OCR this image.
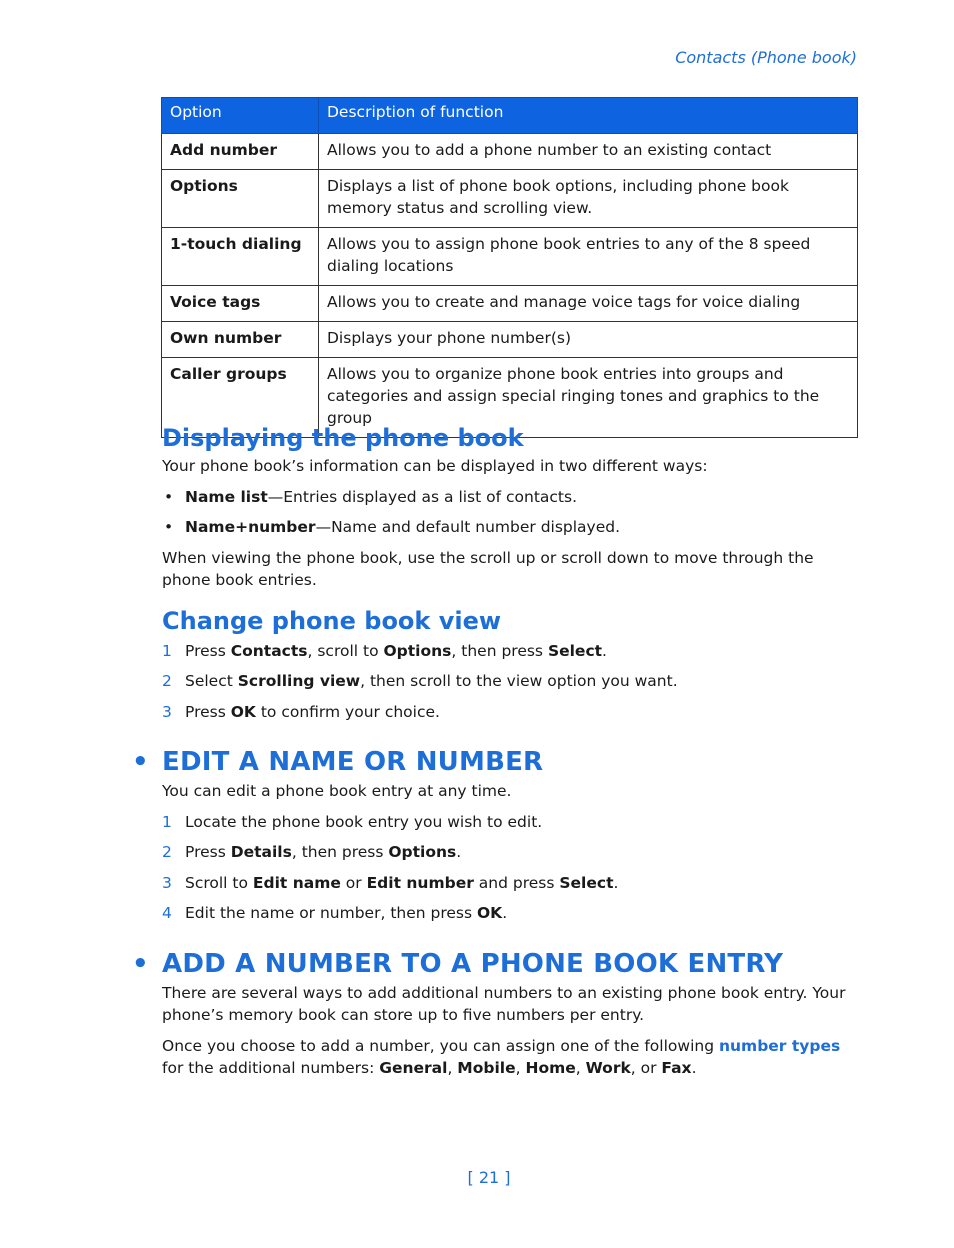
Contacts (Phone book)
Option	Description of function
Add number	Allows you to add a phone number to an existing contact
Options	Displays a list of phone book options, including phone book memory status and scrolling view.
1-touch dialing	Allows you to assign phone book entries to any of the 8 speed dialing locations
Voice tags	Allows you to create and manage voice tags for voice dialing
Own number	Displays your phone number(s)
Caller groups	Allows you to organize phone book entries into groups and categories and assign special ringing tones and graphics to the group
Displaying the phone book

Your phone book’s information can be displayed in two different ways:

• Name list—Entries displayed as a list of contacts.
• Name+number—Name and default number displayed.

When viewing the phone book, use the scroll up or scroll down to move through the phone book entries.

Change phone book view
1 Press Contacts, scroll to Options, then press Select.
2 Select Scrolling view, then scroll to the view option you want.
3 Press OK to confirm your choice.
• EDIT A NAME OR NUMBER

You can edit a phone book entry at any time.

1 Locate the phone book entry you wish to edit.
2 Press Details, then press Options.
3 Scroll to Edit name or Edit number and press Select.
4 Edit the name or number, then press OK.
• ADD A NUMBER TO A PHONE BOOK ENTRY

There are several ways to add additional numbers to an existing phone book entry. Your phone’s memory book can store up to five numbers per entry.

Once you choose to add a number, you can assign one of the following number types for the additional numbers: General, Mobile, Home, Work, or Fax.

[ 21 ]
